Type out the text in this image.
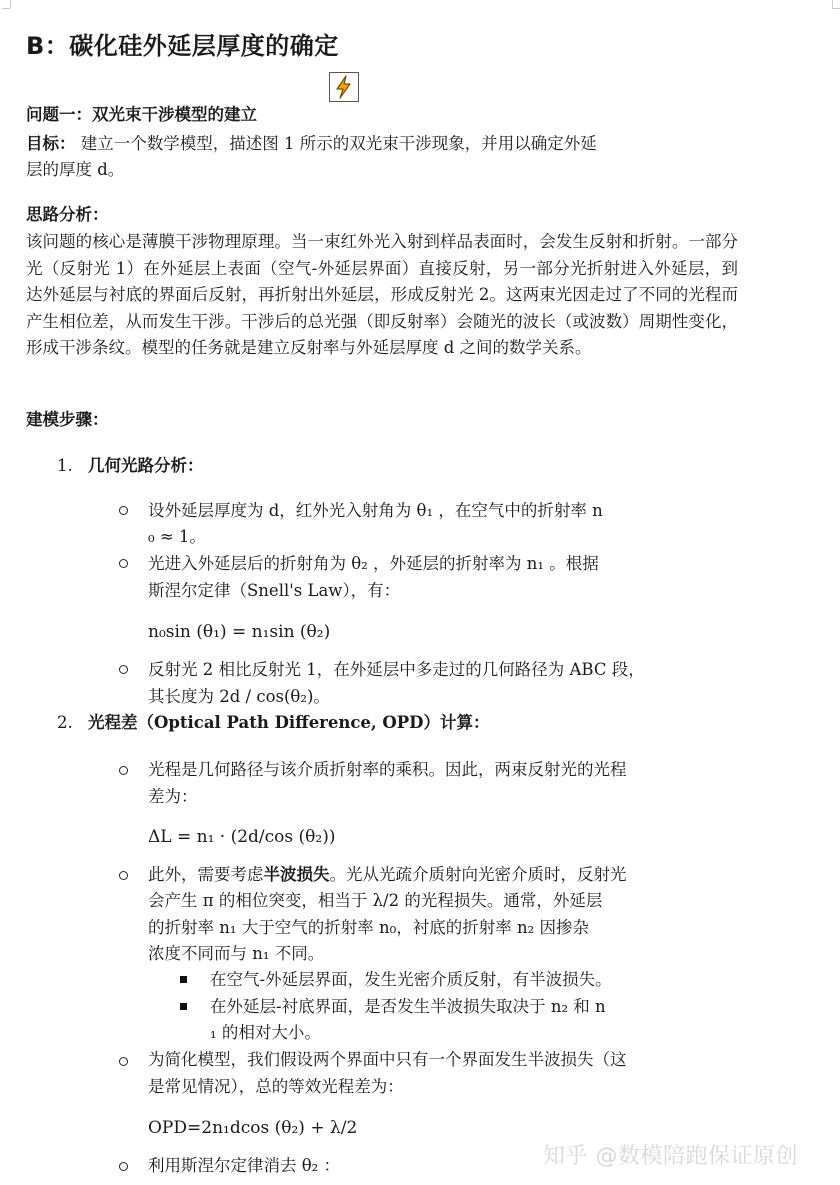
B：碳化硅外延层厚度的确定

问题一：双光束干涉模型的建立

目标： 建立一个数学模型，描述图 1 所示的双光束干涉现象，并用以确定外延

层的厚度 d。

思路分析：

该问题的核心是薄膜干涉物理原理。当一束红外光入射到样品表面时，会发生反射和折射。一部分光（反射光 1）在外延层上表面（空气-外延层界面）直接反射，另一部分光折射进入外延层，到达外延层与衬底的界面后反射，再折射出外延层，形成反射光 2。这两束光因走过了不同的光程而产生相位差，从而发生干涉。干涉后的总光强（即反射率）会随光的波长（或波数）周期性变化，形成干涉条纹。模型的任务就是建立反射率与外延层厚度 d 之间的数学关系。

建模步骤：

1. 几何光路分析：

设外延层厚度为 d，红外光入射角为 θ₁ ，在空气中的折射率 n

₀ ≈ 1。

光进入外延层后的折射角为 θ₂ ，外延层的折射率为 n₁ 。根据

斯涅尔定律（Snell's Law），有：

n₀sin (θ₁) = n₁sin (θ₂)

反射光 2 相比反射光 1，在外延层中多走过的几何路径为 ABC 段，

其长度为 2d / cos(θ₂)。

2. 光程差（Optical Path Difference, OPD）计算：

光程是几何路径与该介质折射率的乘积。因此，两束反射光的光程

差为：

ΔL = n₁ · (2d/cos (θ₂))

此外，需要考虑半波损失。光从光疏介质射向光密介质时，反射光

会产生 π 的相位突变，相当于 λ/2 的光程损失。通常，外延层

的折射率 n₁ 大于空气的折射率 n₀，衬底的折射率 n₂ 因掺杂

浓度不同而与 n₁ 不同。

在空气-外延层界面，发生光密介质反射，有半波损失。

在外延层-衬底界面，是否发生半波损失取决于 n₂ 和 n

₁ 的相对大小。

为简化模型，我们假设两个界面中只有一个界面发生半波损失（这

是常见情况），总的等效光程差为：

OPD=2n₁dcos (θ₂) + λ/2

利用斯涅尔定律消去 θ₂ ：	知乎 @数模陪跑保证原创
